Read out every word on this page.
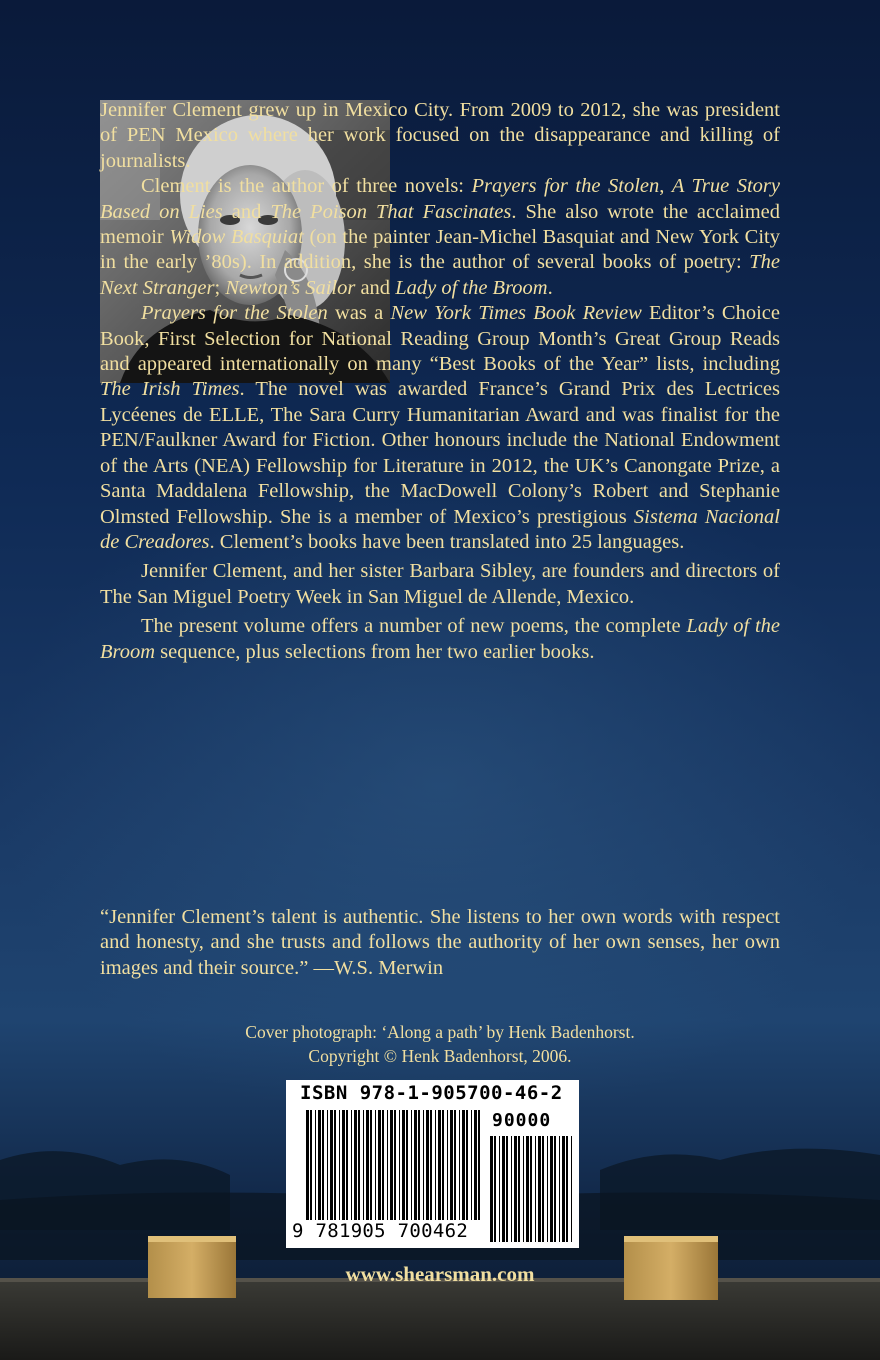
Jennifer Clement grew up in Mexico City. From 2009 to 2012, she was president of PEN Mexico where her work focused on the disappearance and killing of journalists.

Clement is the author of three novels: Prayers for the Stolen, A True Story Based on Lies and The Poison That Fascinates. She also wrote the acclaimed memoir Widow Basquiat (on the painter Jean-Michel Basquiat and New York City in the early ’80s). In addition, she is the author of several books of poetry: The Next Stranger; Newton’s Sailor and Lady of the Broom.

Prayers for the Stolen was a New York Times Book Review Editor’s Choice Book, First Selection for National Reading Group Month’s Great Group Reads and appeared internationally on many “Best Books of the Year” lists, including The Irish Times. The novel was awarded France’s Grand Prix des Lectrices Lycéenes de ELLE, The Sara Curry Humanitarian Award and was finalist for the PEN/Faulkner Award for Fiction. Other honours include the National Endowment of the Arts (NEA) Fellowship for Literature in 2012, the UK’s Canongate Prize, a Santa Maddalena Fellowship, the MacDowell Colony’s Robert and Stephanie Olmsted Fellowship. She is a member of Mexico’s prestigious Sistema Nacional de Creadores. Clement’s books have been translated into 25 languages.

Jennifer Clement, and her sister Barbara Sibley, are founders and directors of The San Miguel Poetry Week in San Miguel de Allende, Mexico.

The present volume offers a number of new poems, the complete Lady of the Broom sequence, plus selections from her two earlier books.

“Jennifer Clement’s talent is authentic. She listens to her own words with respect and honesty, and she trusts and follows the authority of her own senses, her own images and their source.” —W.S. Merwin

Cover photograph: ‘Along a path’ by Henk Badenhorst.
Copyright © Henk Badenhorst, 2006.
ISBN 978-1-905700-46-2
90000
9 781905 700462
www.shearsman.com
